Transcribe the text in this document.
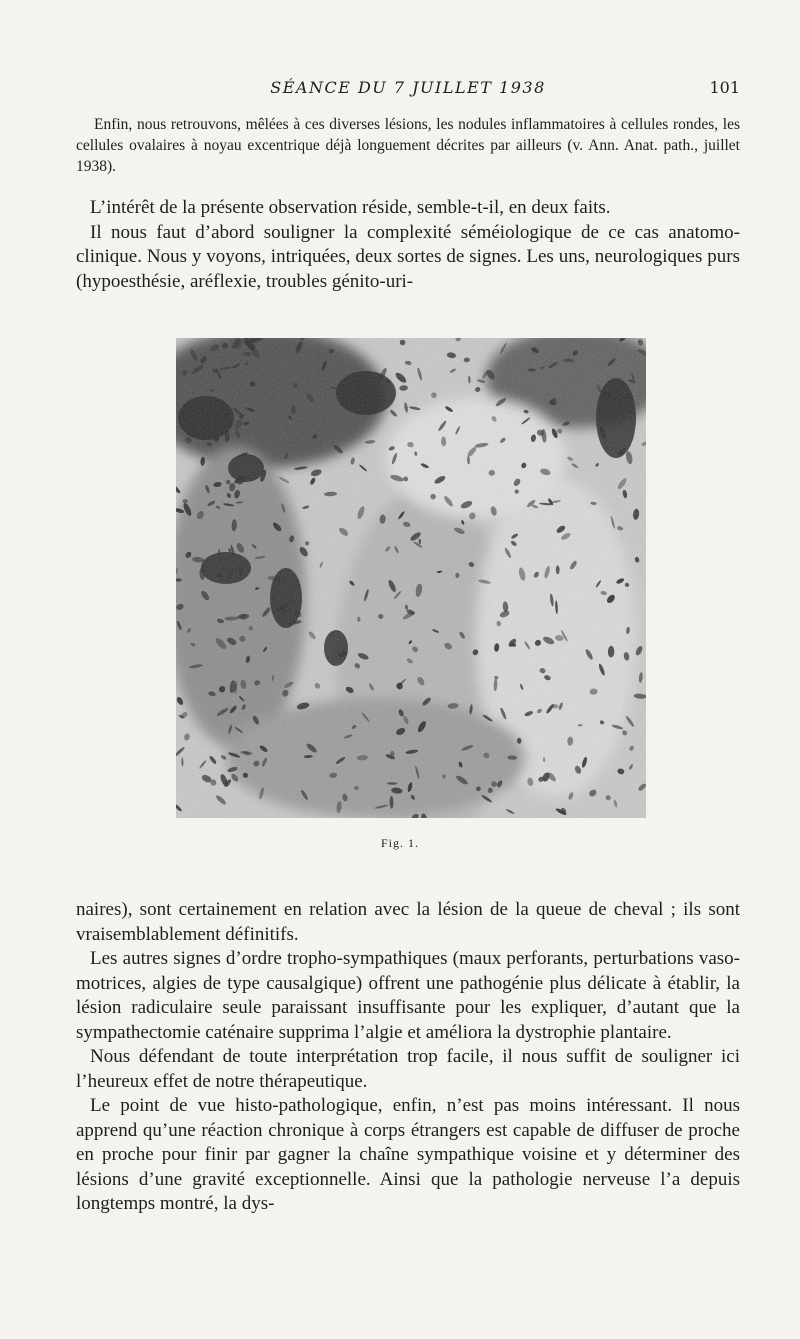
SÉANCE DU 7 JUILLET 1938	101

Enfin, nous retrouvons, mêlées à ces diverses lésions, les nodules inflammatoires à cellules rondes, les cellules ovalaires à noyau excentrique déjà longuement décrites par ailleurs (v. Ann. Anat. path., juillet 1938).

L’intérêt de la présente observation réside, semble-t-il, en deux faits.

Il nous faut d’abord souligner la complexité séméiologique de ce cas anatomo-clinique. Nous y voyons, intriquées, deux sortes de signes. Les uns, neurologiques purs (hypoesthésie, aréflexie, troubles génito-uri-

Fig. 1.

naires), sont certainement en relation avec la lésion de la queue de cheval ; ils sont vraisemblablement définitifs.

Les autres signes d’ordre tropho-sympathiques (maux perforants, perturbations vaso-motrices, algies de type causalgique) offrent une pathogénie plus délicate à établir, la lésion radiculaire seule paraissant insuffisante pour les expliquer, d’autant que la sympathectomie caténaire supprima l’algie et améliora la dystrophie plantaire.

Nous défendant de toute interprétation trop facile, il nous suffit de souligner ici l’heureux effet de notre thérapeutique.

Le point de vue histo-pathologique, enfin, n’est pas moins intéressant. Il nous apprend qu’une réaction chronique à corps étrangers est capable de diffuser de proche en proche pour finir par gagner la chaîne sympathique voisine et y déterminer des lésions d’une gravité exceptionnelle. Ainsi que la pathologie nerveuse l’a depuis longtemps montré, la dys-
